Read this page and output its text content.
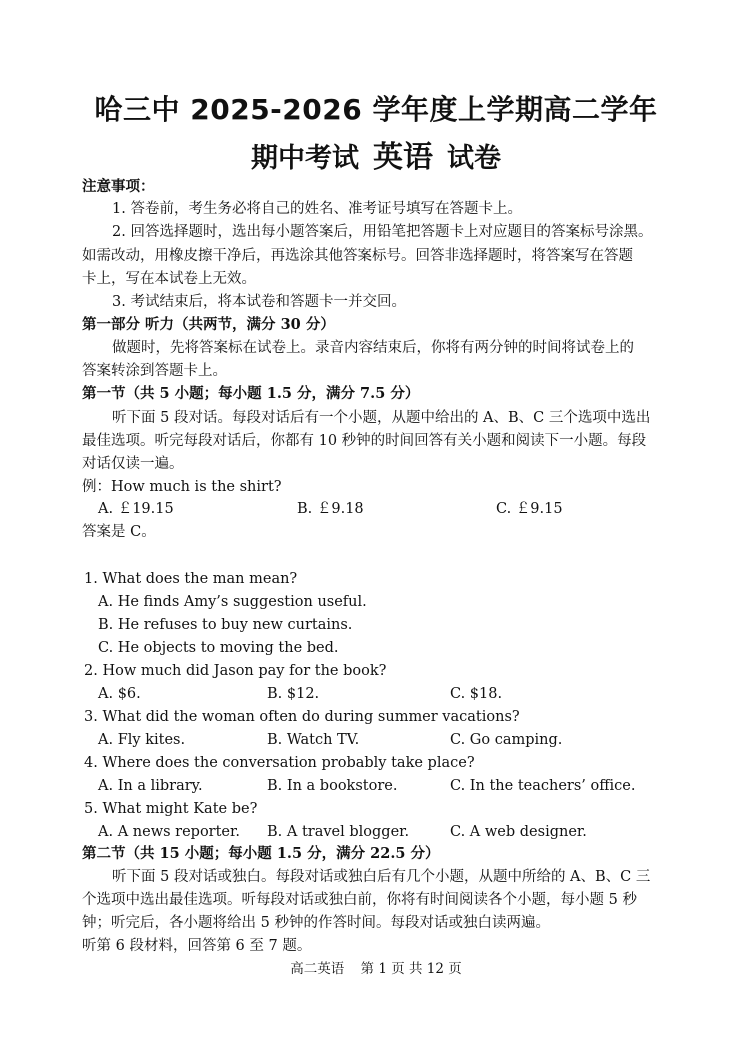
哈三中 2025-2026 学年度上学期高二学年
期中考试 英语 试卷
注意事项：
1. 答卷前，考生务必将自己的姓名、准考证号填写在答题卡上。
2. 回答选择题时，选出每小题答案后，用铅笔把答题卡上对应题目的答案标号涂黑。
如需改动，用橡皮擦干净后，再选涂其他答案标号。回答非选择题时，将答案写在答题
卡上，写在本试卷上无效。
3. 考试结束后，将本试卷和答题卡一并交回。
第一部分 听力（共两节，满分 30 分）
做题时，先将答案标在试卷上。录音内容结束后，你将有两分钟的时间将试卷上的
答案转涂到答题卡上。
第一节（共 5 小题；每小题 1.5 分，满分 7.5 分）
听下面 5 段对话。每段对话后有一个小题，从题中给出的 A、B、C 三个选项中选出
最佳选项。听完每段对话后，你都有 10 秒钟的时间回答有关小题和阅读下一小题。每段
对话仅读一遍。
例：How much is the shirt?
A. ￡19.15	B. ￡9.18	C. ￡9.15
答案是 C。
1. What does the man mean?
A. He finds Amy’s suggestion useful.
B. He refuses to buy new curtains.
C. He objects to moving the bed.
2. How much did Jason pay for the book?
A. $6.	B. $12.	C. $18.
3. What did the woman often do during summer vacations?
A. Fly kites.	B. Watch TV.	C. Go camping.
4. Where does the conversation probably take place?
A. In a library.	B. In a bookstore.	C. In the teachers’ office.
5. What might Kate be?
A. A news reporter. B. A travel blogger.	C. A web designer.
第二节（共 15 小题；每小题 1.5 分，满分 22.5 分）
听下面 5 段对话或独白。每段对话或独白后有几个小题，从题中所给的 A、B、C 三
个选项中选出最佳选项。听每段对话或独白前，你将有时间阅读各个小题，每小题 5 秒
钟；听完后，各小题将给出 5 秒钟的作答时间。每段对话或独白读两遍。
听第 6 段材料，回答第 6 至 7 题。
高二英语 第 1 页 共 12 页
